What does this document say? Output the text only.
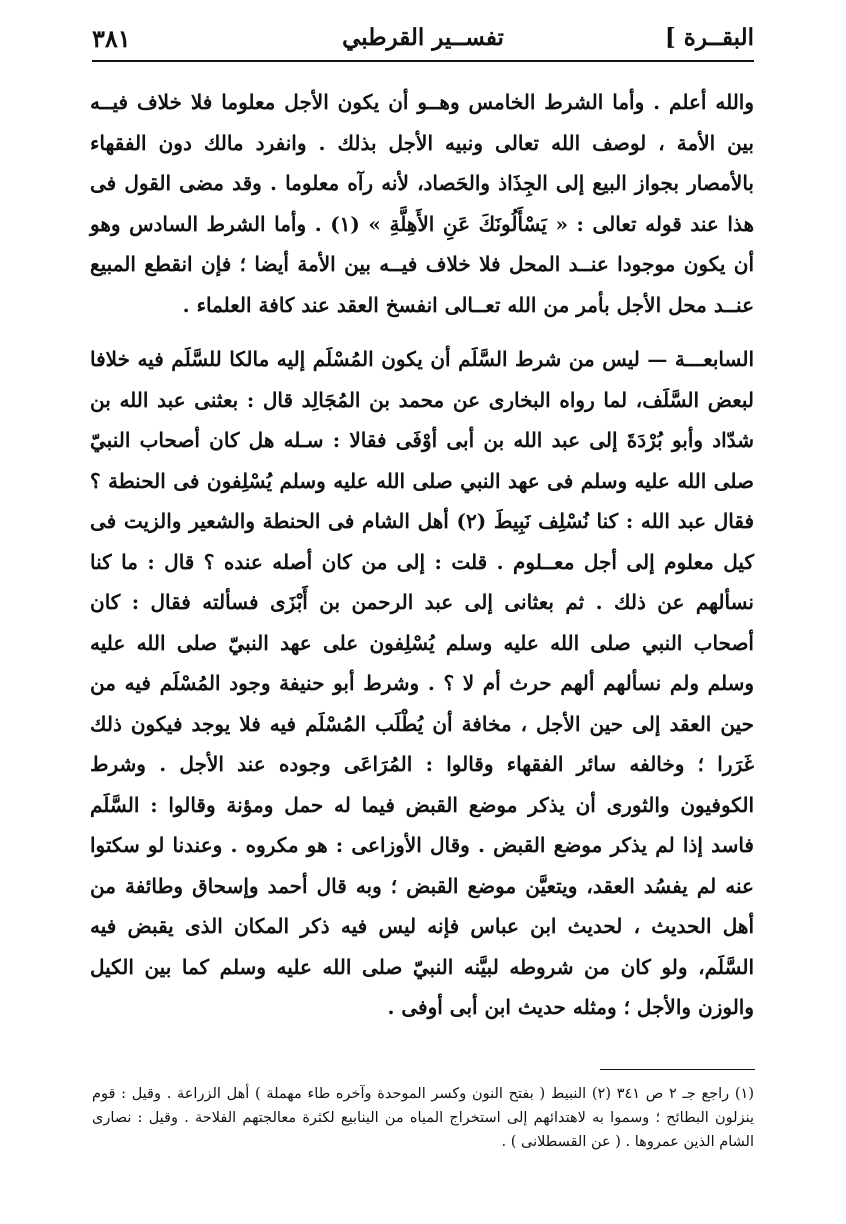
البقــرة ]
تفســير القرطبي
٣٨١

والله أعلم . وأما الشرط الخامس وهــو أن يكون الأجل معلوما فلا خلاف فيــه بين الأمة ، لوصف الله تعالى ونبيه الأجل بذلك . وانفرد مالك دون الفقهاء بالأمصار بجواز البيع إلى الجِذَاذ والحَصاد، لأنه رآه معلوما . وقد مضى القول فى هذا عند قوله تعالى : « يَسْأَلُونَكَ عَنِ الأَهِلَّةِ » (١) . وأما الشرط السادس وهو أن يكون موجودا عنــد المحل فلا خلاف فيــه بين الأمة أيضا ؛ فإن انقطع المبيع عنــد محل الأجل بأمر من الله تعــالى انفسخ العقد عند كافة العلماء .

السابعـــة — ليس من شرط السَّلَم أن يكون المُسْلَم إليه مالكا للسَّلَم فيه خلافا لبعض السَّلَف، لما رواه البخارى عن محمد بن المُجَالِد قال : بعثنى عبد الله بن شدّاد وأبو بُرْدَةَ إلى عبد الله بن أبى أوْفَى فقالا : سـله هل كان أصحاب النبيّ صلى الله عليه وسلم فى عهد النبي صلى الله عليه وسلم يُسْلِفون فى الحنطة ؟ فقال عبد الله : كنا نُسْلِف نَبِيطَ (٢) أهل الشام فى الحنطة والشعير والزيت فى كيل معلوم إلى أجل معــلوم . قلت : إلى من كان أصله عنده ؟ قال : ما كنا نسألهم عن ذلك . ثم بعثانى إلى عبد الرحمن بن أَبْزَى فسألته فقال : كان أصحاب النبي صلى الله عليه وسلم يُسْلِفون على عهد النبيّ صلى الله عليه وسلم ولم نسألهم ألهم حرث أم لا ؟ . وشرط أبو حنيفة وجود المُسْلَم فيه من حين العقد إلى حين الأجل ، مخافة أن يُطْلَب المُسْلَم فيه فلا يوجد فيكون ذلك غَرَرا ؛ وخالفه سائر الفقهاء وقالوا : المُرَاعَى وجوده عند الأجل . وشرط الكوفيون والثورى أن يذكر موضع القبض فيما له حمل ومؤنة وقالوا : السَّلَم فاسد إذا لم يذكر موضع القبض . وقال الأوزاعى : هو مكروه . وعندنا لو سكتوا عنه لم يفسُد العقد، ويتعيَّن موضع القبض ؛ وبه قال أحمد وإسحاق وطائفة من أهل الحديث ، لحديث ابن عباس فإنه ليس فيه ذكر المكان الذى يقبض فيه السَّلَم، ولو كان من شروطه لبيَّنه النبيّ صلى الله عليه وسلم كما بين الكيل والوزن والأجل ؛ ومثله حديث ابن أبى أوفى .

(١) راجع جـ ٢ ص ٣٤١ (٢) النبيط ( بفتح النون وكسر الموحدة وآخره طاء مهملة ) أهل الزراعة . وقيل : قوم ينزلون البطائح ؛ وسموا به لاهتدائهم إلى استخراج المياه من الينابيع لكثرة معالجتهم الفلاحة . وقيل : نصارى الشام الذين عمروها . ( عن القسطلانى ) .
